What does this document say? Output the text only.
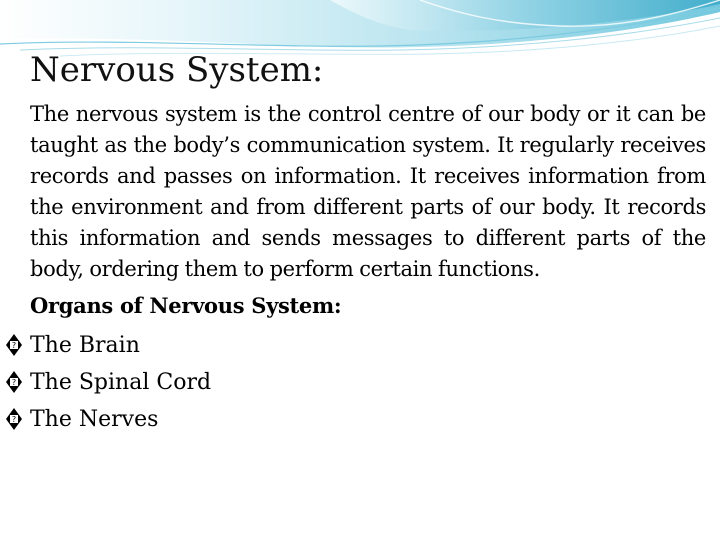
Nervous System:

The nervous system is the control centre of our body or it can be taught as the body’s communication system. It regularly receives records and passes on information. It receives information from the environment and from different parts of our body. It records this information and sends messages to different parts of the body, ordering them to perform certain functions.

Organs of Nervous System:

? The Brain
? The Spinal Cord
? The Nerves
